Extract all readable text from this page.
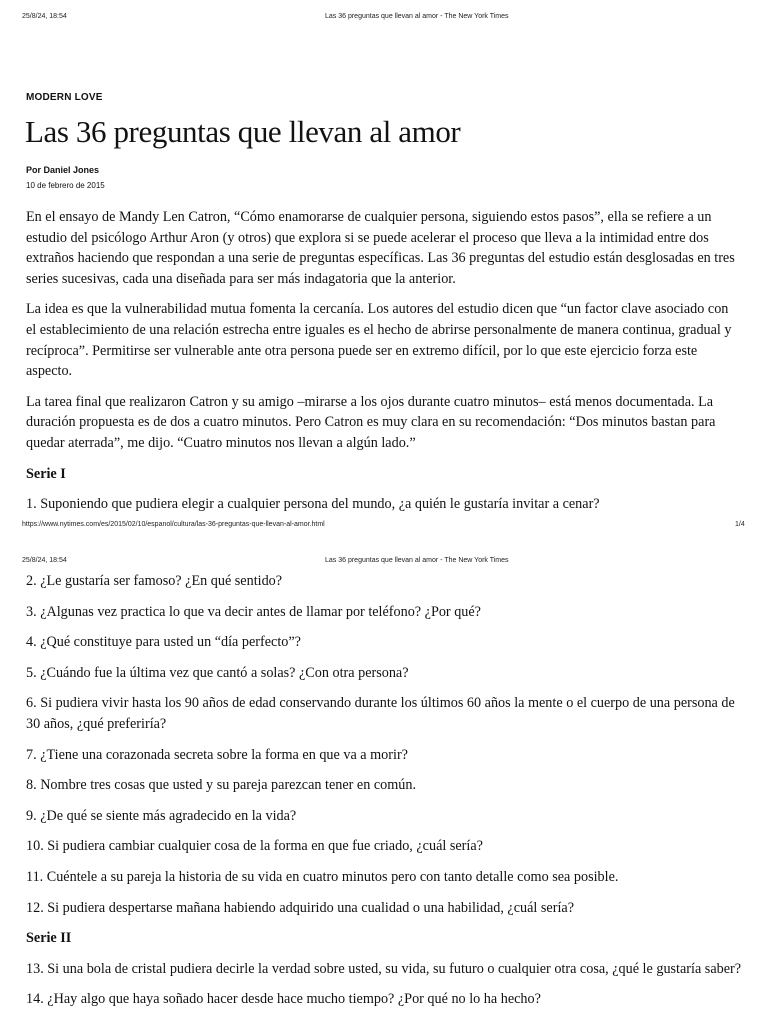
25/8/24, 18:54	Las 36 preguntas que llevan al amor - The New York Times
MODERN LOVE
Las 36 preguntas que llevan al amor
Por Daniel Jones
10 de febrero de 2015

En el ensayo de Mandy Len Catron, “Cómo enamorarse de cualquier persona, siguiendo estos pasos”, ella se refiere a un estudio del psicólogo Arthur Aron (y otros) que explora si se puede acelerar el proceso que lleva a la intimidad entre dos extraños haciendo que respondan a una serie de preguntas específicas. Las 36 preguntas del estudio están desglosadas en tres series sucesivas, cada una diseñada para ser más indagatoria que la anterior.

La idea es que la vulnerabilidad mutua fomenta la cercanía. Los autores del estudio dicen que “un factor clave asociado con el establecimiento de una relación estrecha entre iguales es el hecho de abrirse personalmente de manera continua, gradual y recíproca”. Permitirse ser vulnerable ante otra persona puede ser en extremo difícil, por lo que este ejercicio forza este aspecto.

La tarea final que realizaron Catron y su amigo –mirarse a los ojos durante cuatro minutos– está menos documentada. La duración propuesta es de dos a cuatro minutos. Pero Catron es muy clara en su recomendación: “Dos minutos bastan para quedar aterrada”, me dijo. “Cuatro minutos nos llevan a algún lado.”

Serie I

1. Suponiendo que pudiera elegir a cualquier persona del mundo, ¿a quién le gustaría invitar a cenar?

https://www.nytimes.com/es/2015/02/10/espanol/cultura/las-36-preguntas-que-llevan-al-amor.html	1/4
25/8/24, 18:54	Las 36 preguntas que llevan al amor - The New York Times

2. ¿Le gustaría ser famoso? ¿En qué sentido?

3. ¿Algunas vez practica lo que va decir antes de llamar por teléfono? ¿Por qué?

4. ¿Qué constituye para usted un “día perfecto”?

5. ¿Cuándo fue la última vez que cantó a solas? ¿Con otra persona?

6. Si pudiera vivir hasta los 90 años de edad conservando durante los últimos 60 años la mente o el cuerpo de una persona de 30 años, ¿qué preferiría?

7. ¿Tiene una corazonada secreta sobre la forma en que va a morir?

8. Nombre tres cosas que usted y su pareja parezcan tener en común.

9. ¿De qué se siente más agradecido en la vida?

10. Si pudiera cambiar cualquier cosa de la forma en que fue criado, ¿cuál sería?

11. Cuéntele a su pareja la historia de su vida en cuatro minutos pero con tanto detalle como sea posible.

12. Si pudiera despertarse mañana habiendo adquirido una cualidad o una habilidad, ¿cuál sería?

Serie II

13. Si una bola de cristal pudiera decirle la verdad sobre usted, su vida, su futuro o cualquier otra cosa, ¿qué le gustaría saber?

14. ¿Hay algo que haya soñado hacer desde hace mucho tiempo? ¿Por qué no lo ha hecho?
